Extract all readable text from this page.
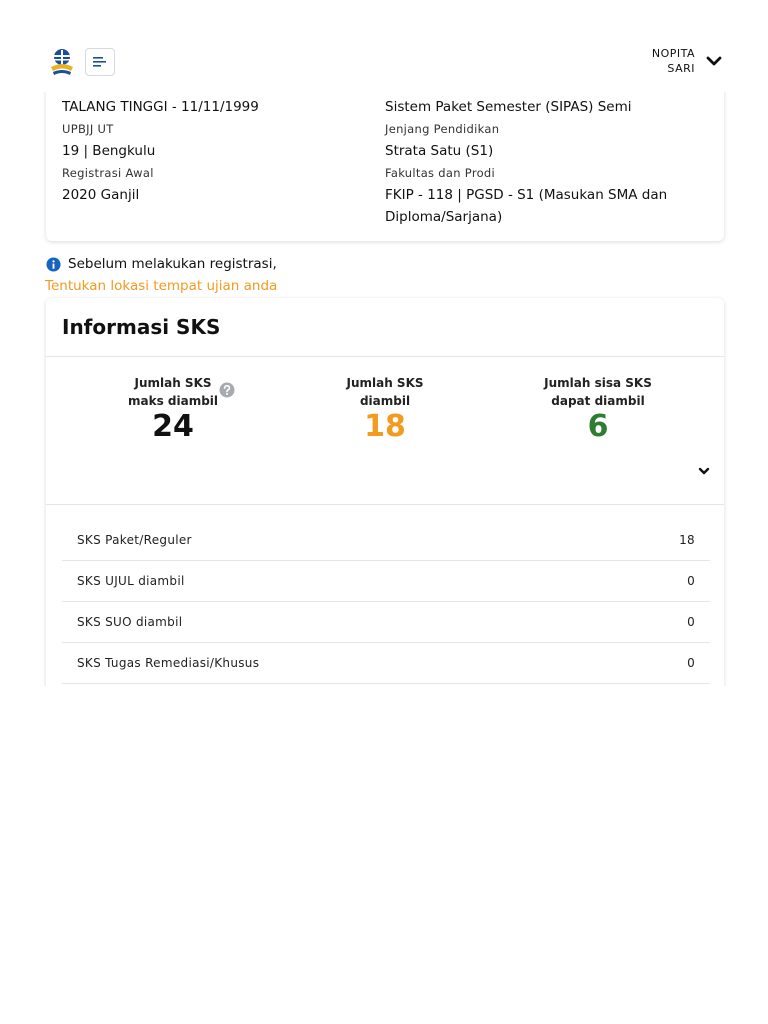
NOPITA
SARI
TALANG TINGGI - 11/11/1999
UPBJJ UT
19 | Bengkulu
Registrasi Awal
2020 Ganjil
Sistem Paket Semester (SIPAS) Semi
Jenjang Pendidikan
Strata Satu (S1)
Fakultas dan Prodi
FKIP - 118 | PGSD - S1 (Masukan SMA dan Diploma/Sarjana)
Sebelum melakukan registrasi,
Tentukan lokasi tempat ujian anda
Informasi SKS
Jumlah SKS
maks diambil
24
Jumlah SKS
diambil
18
Jumlah sisa SKS
dapat diambil
6
SKS Paket/Reguler	18
SKS UJUL diambil	0
SKS SUO diambil	0
SKS Tugas Remediasi/Khusus	0
